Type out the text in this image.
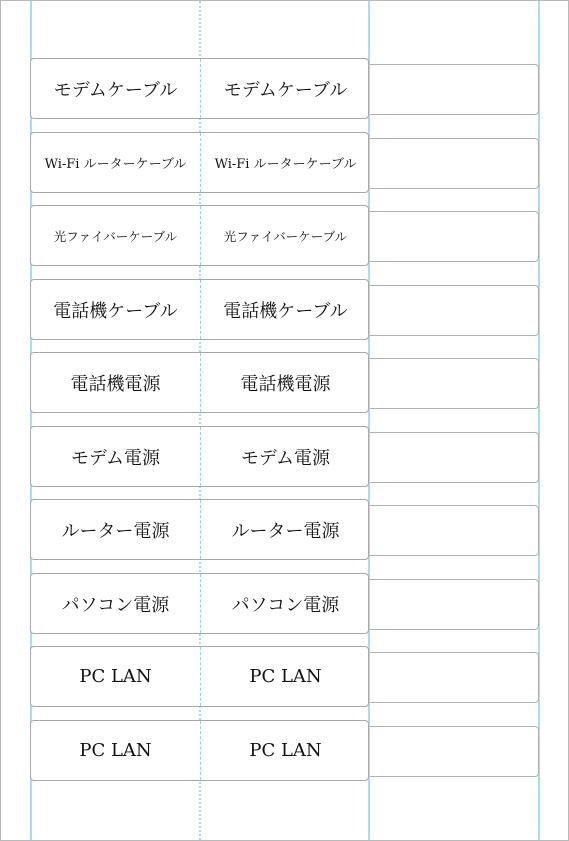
モデムケーブル	モデムケーブル
Wi-Fi ルーターケーブル	Wi-Fi ルーターケーブル
光ファイバーケーブル	光ファイバーケーブル
電話機ケーブル	電話機ケーブル
電話機電源	電話機電源
モデム電源	モデム電源
ルーター電源	ルーター電源
パソコン電源	パソコン電源
PC LAN	PC LAN
PC LAN	PC LAN
